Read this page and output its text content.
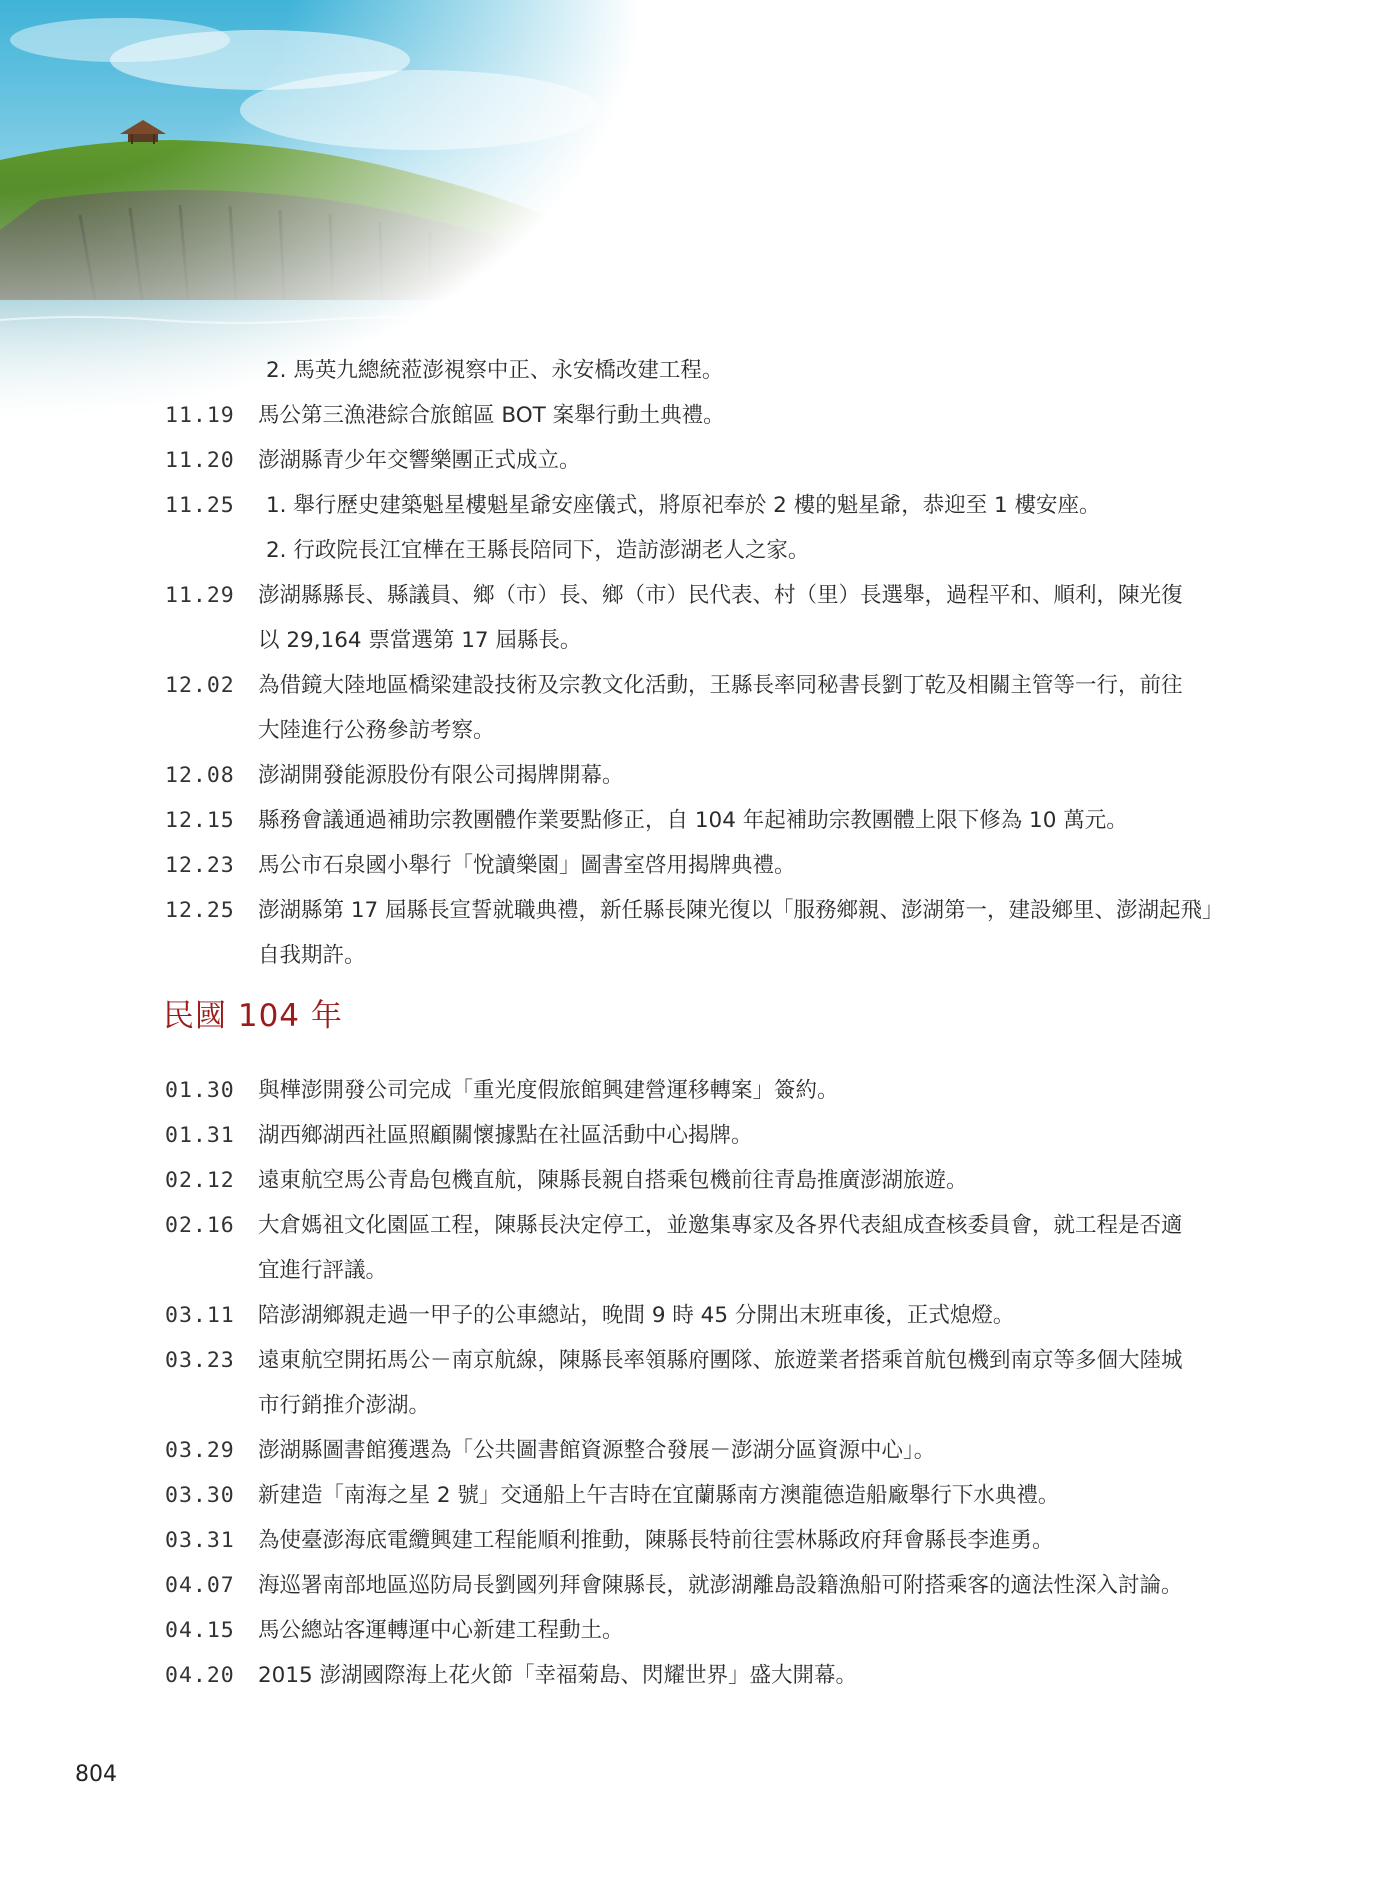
2. 馬英九總統蒞澎視察中正、永安橋改建工程。
11.19 馬公第三漁港綜合旅館區 BOT 案舉行動土典禮。
11.20 澎湖縣青少年交響樂團正式成立。
11.25 1. 舉行歷史建築魁星樓魁星爺安座儀式，將原祀奉於 2 樓的魁星爺，恭迎至 1 樓安座。
2. 行政院長江宜樺在王縣長陪同下，造訪澎湖老人之家。
11.29 澎湖縣縣長、縣議員、鄉（市）長、鄉（市）民代表、村（里）長選舉，過程平和、順利，陳光復
以 29,164 票當選第 17 屆縣長。
12.02 為借鏡大陸地區橋梁建設技術及宗教文化活動，王縣長率同秘書長劉丁乾及相關主管等一行，前往
大陸進行公務參訪考察。
12.08 澎湖開發能源股份有限公司揭牌開幕。
12.15 縣務會議通過補助宗教團體作業要點修正，自 104 年起補助宗教團體上限下修為 10 萬元。
12.23 馬公市石泉國小舉行「悅讀樂園」圖書室啓用揭牌典禮。
12.25 澎湖縣第 17 屆縣長宣誓就職典禮，新任縣長陳光復以「服務鄉親、澎湖第一，建設鄉里、澎湖起飛」
自我期許。
01.30 與樺澎開發公司完成「重光度假旅館興建營運移轉案」簽約。
01.31 湖西鄉湖西社區照顧關懷據點在社區活動中心揭牌。
02.12 遠東航空馬公青島包機直航，陳縣長親自搭乘包機前往青島推廣澎湖旅遊。
02.16 大倉媽祖文化園區工程，陳縣長決定停工，並邀集專家及各界代表組成查核委員會，就工程是否適
宜進行評議。
03.11 陪澎湖鄉親走過一甲子的公車總站，晚間 9 時 45 分開出末班車後，正式熄燈。
03.23 遠東航空開拓馬公－南京航線，陳縣長率領縣府團隊、旅遊業者搭乘首航包機到南京等多個大陸城
市行銷推介澎湖。
03.29 澎湖縣圖書館獲選為「公共圖書館資源整合發展－澎湖分區資源中心」。
03.30 新建造「南海之星 2 號」交通船上午吉時在宜蘭縣南方澳龍德造船廠舉行下水典禮。
03.31 為使臺澎海底電纜興建工程能順利推動，陳縣長特前往雲林縣政府拜會縣長李進勇。
04.07 海巡署南部地區巡防局長劉國列拜會陳縣長，就澎湖離島設籍漁船可附搭乘客的適法性深入討論。
04.15 馬公總站客運轉運中心新建工程動土。
04.20 2015 澎湖國際海上花火節「幸福菊島、閃耀世界」盛大開幕。
民國 104 年
804
